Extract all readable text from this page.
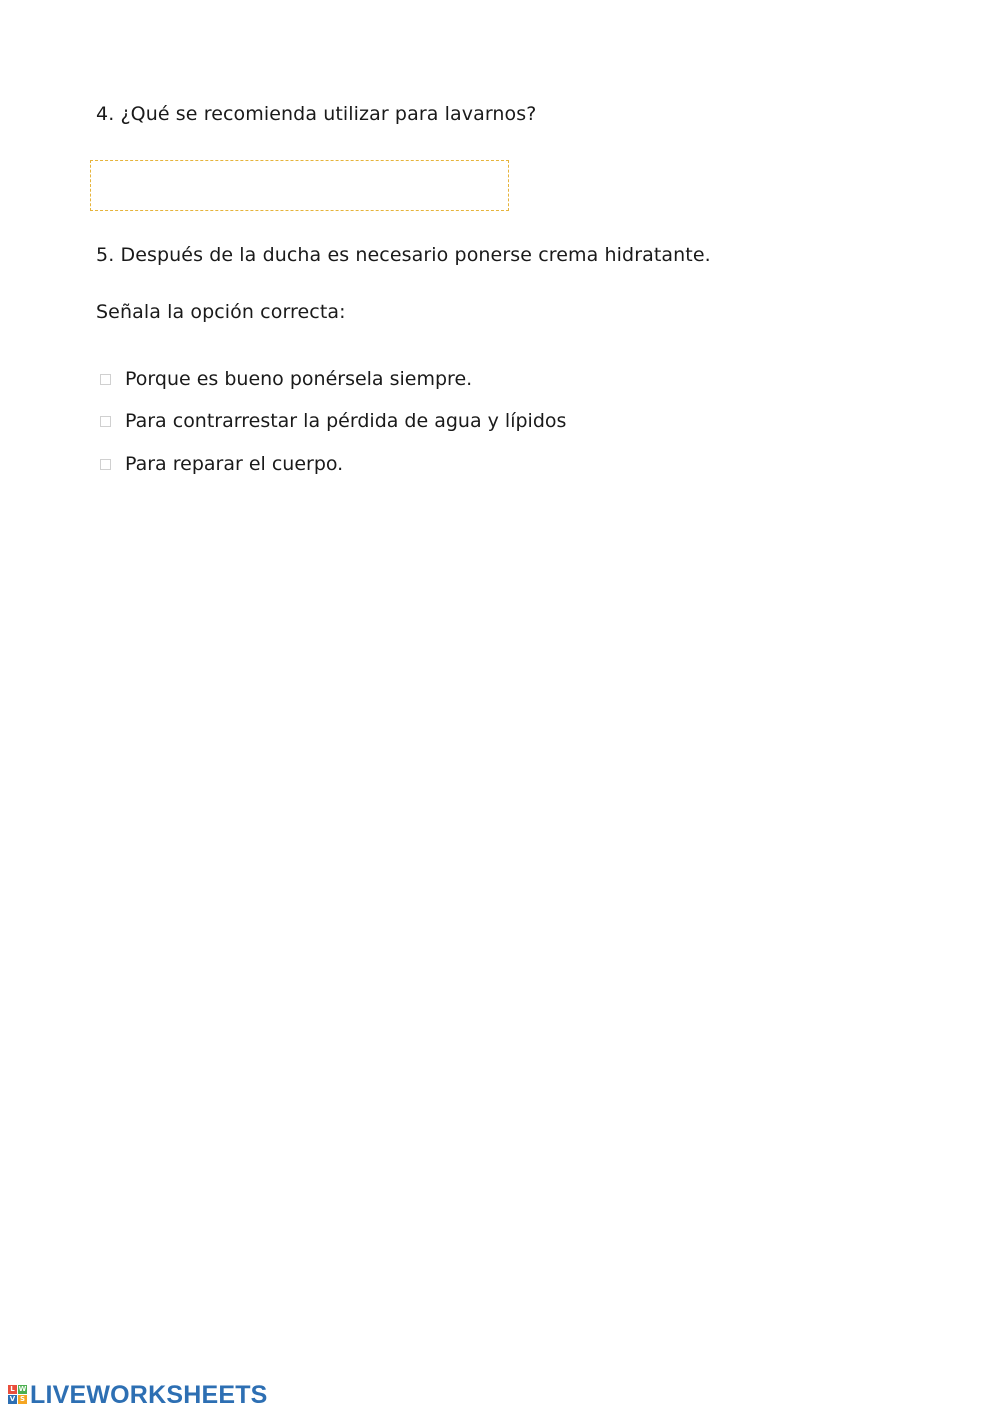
4. ¿Qué se recomienda utilizar para lavarnos?
5. Después de la ducha es necesario ponerse crema hidratante.
Señala la opción correcta:
Porque es bueno ponérsela siempre.
Para contrarrestar la pérdida de agua y lípidos
Para reparar el cuerpo.
L W
V S LIVEWORKSHEETS
